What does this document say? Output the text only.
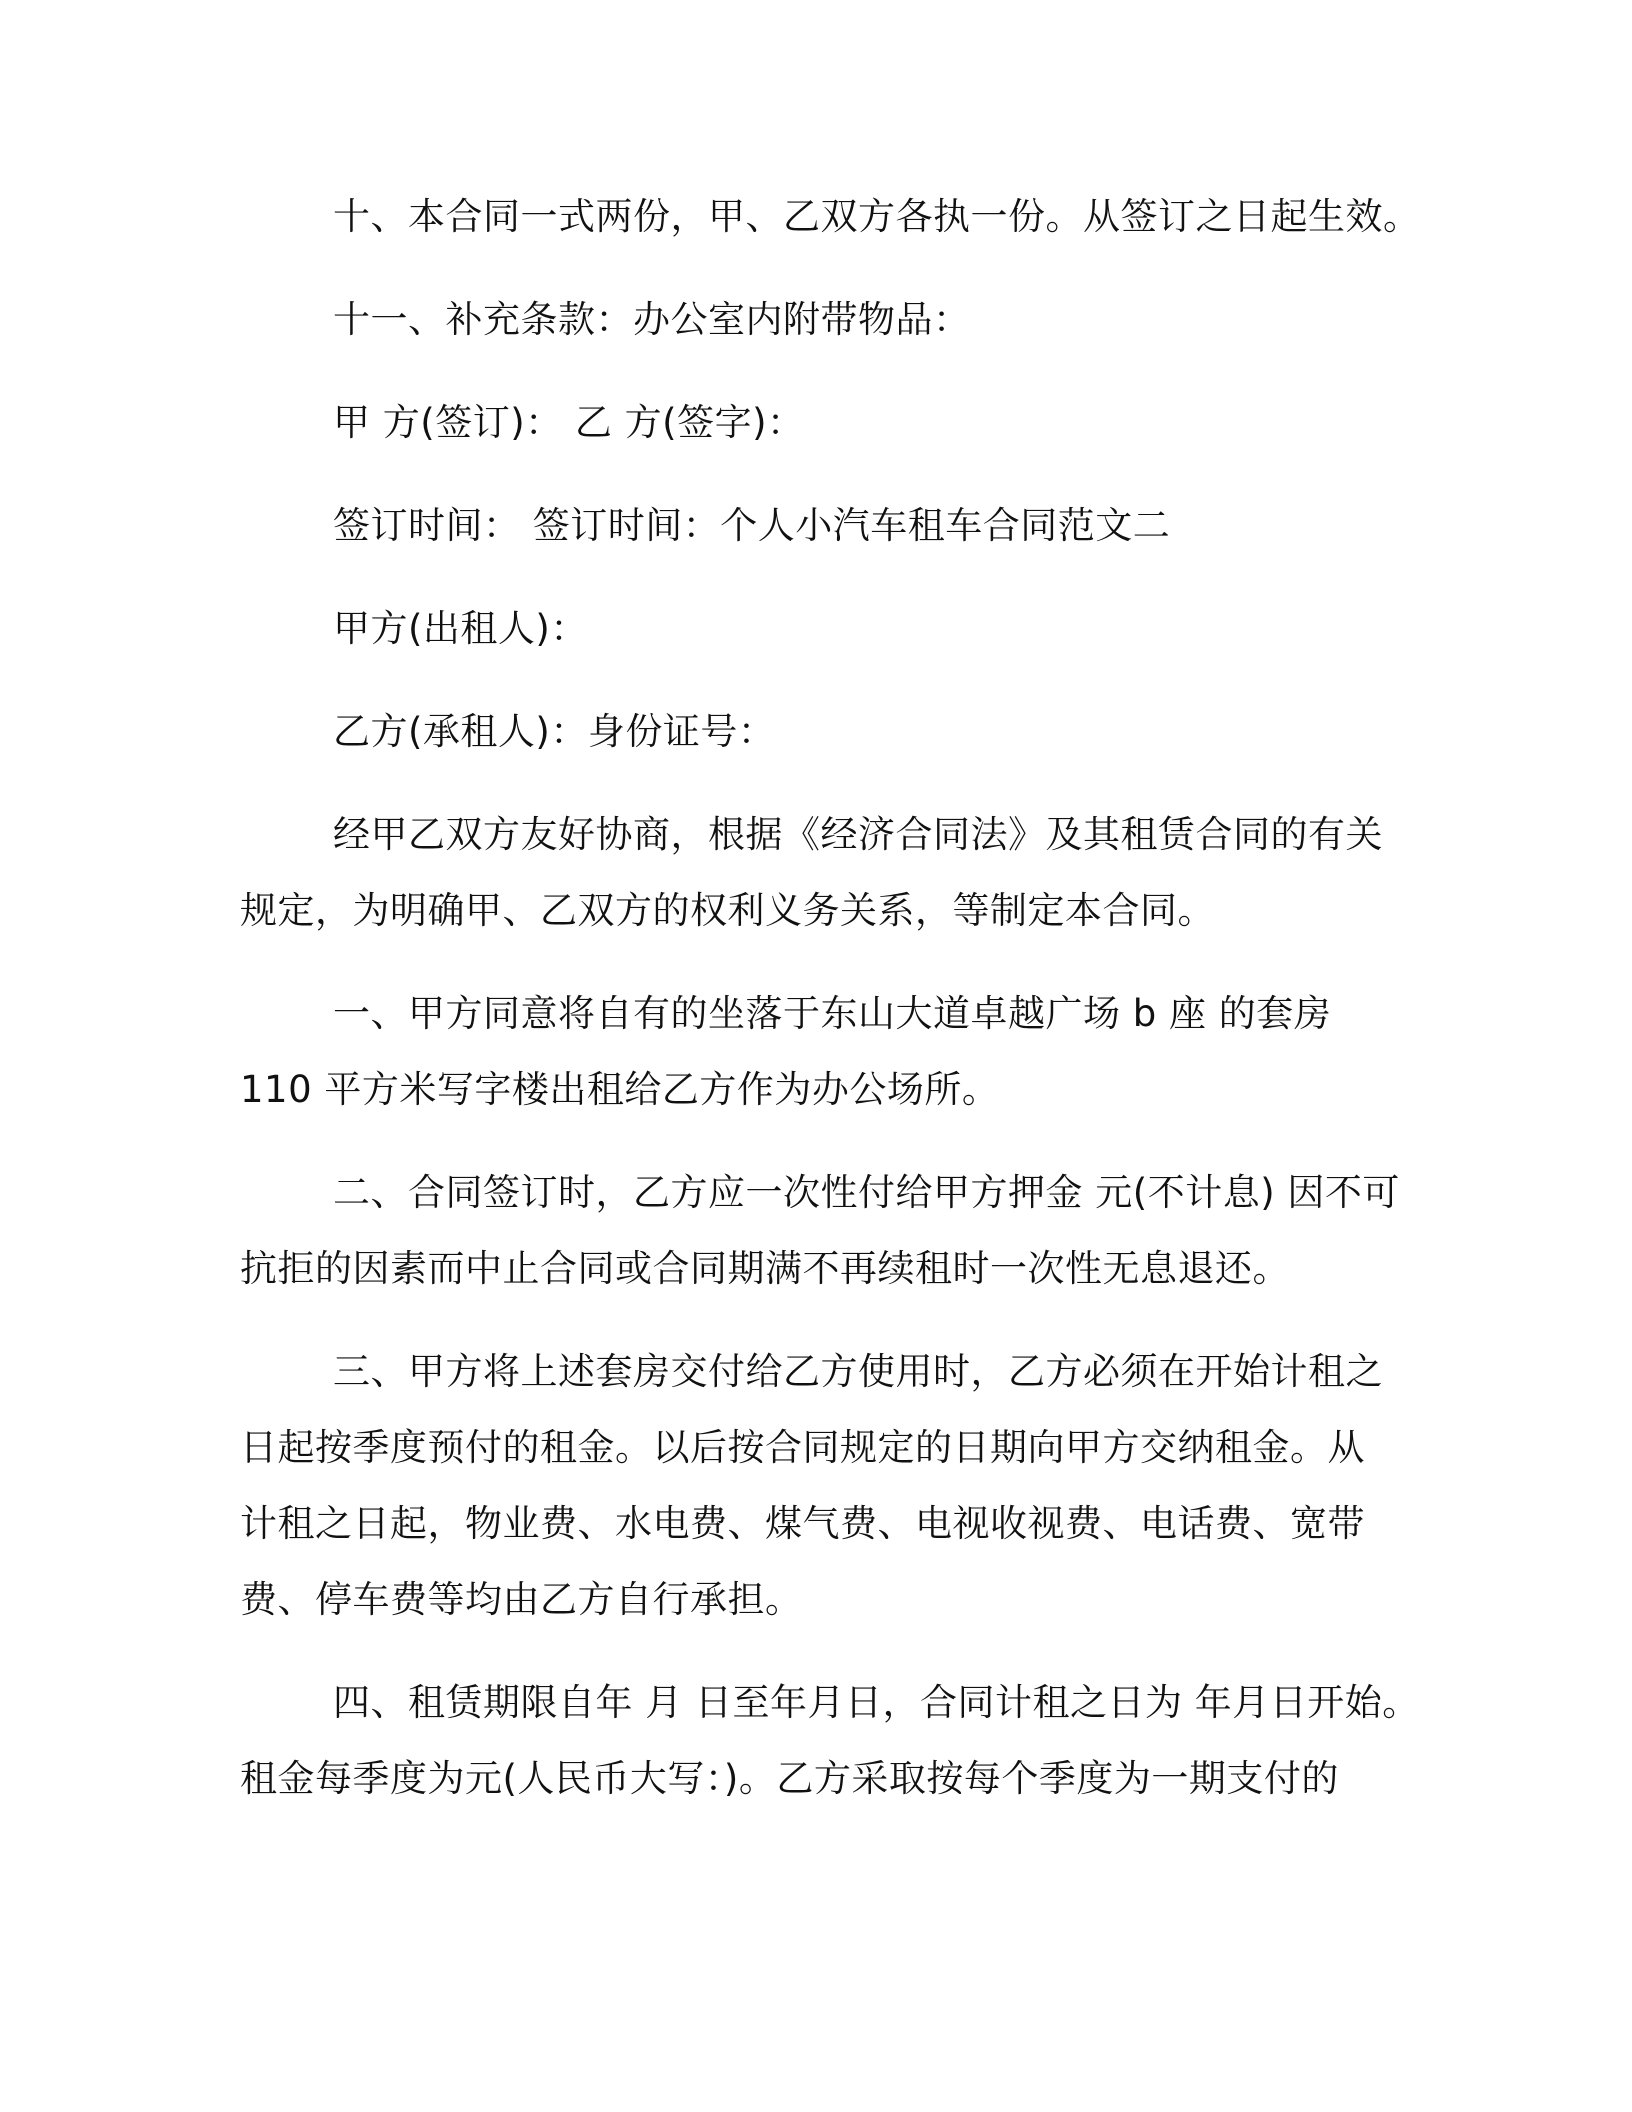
十、本合同一式两份，甲、乙双方各执一份。从签订之日起生效。
十一、补充条款：办公室内附带物品：
甲 方(签订)： 乙 方(签字)：
签订时间： 签订时间：个人小汽车租车合同范文二
甲方(出租人)：
乙方(承租人)：身份证号：
经甲乙双方友好协商，根据《经济合同法》及其租赁合同的有关
规定，为明确甲、乙双方的权利义务关系，等制定本合同。
一、甲方同意将自有的坐落于东山大道卓越广场 b 座 的套房
110 平方米写字楼出租给乙方作为办公场所。
二、合同签订时，乙方应一次性付给甲方押金 元(不计息) 因不可
抗拒的因素而中止合同或合同期满不再续租时一次性无息退还。
三、甲方将上述套房交付给乙方使用时，乙方必须在开始计租之
日起按季度预付的租金。以后按合同规定的日期向甲方交纳租金。从
计租之日起，物业费、水电费、煤气费、电视收视费、电话费、宽带
费、停车费等均由乙方自行承担。
四、租赁期限自年 月 日至年月日，合同计租之日为 年月日开始。
租金每季度为元(人民币大写：)。乙方采取按每个季度为一期支付的
